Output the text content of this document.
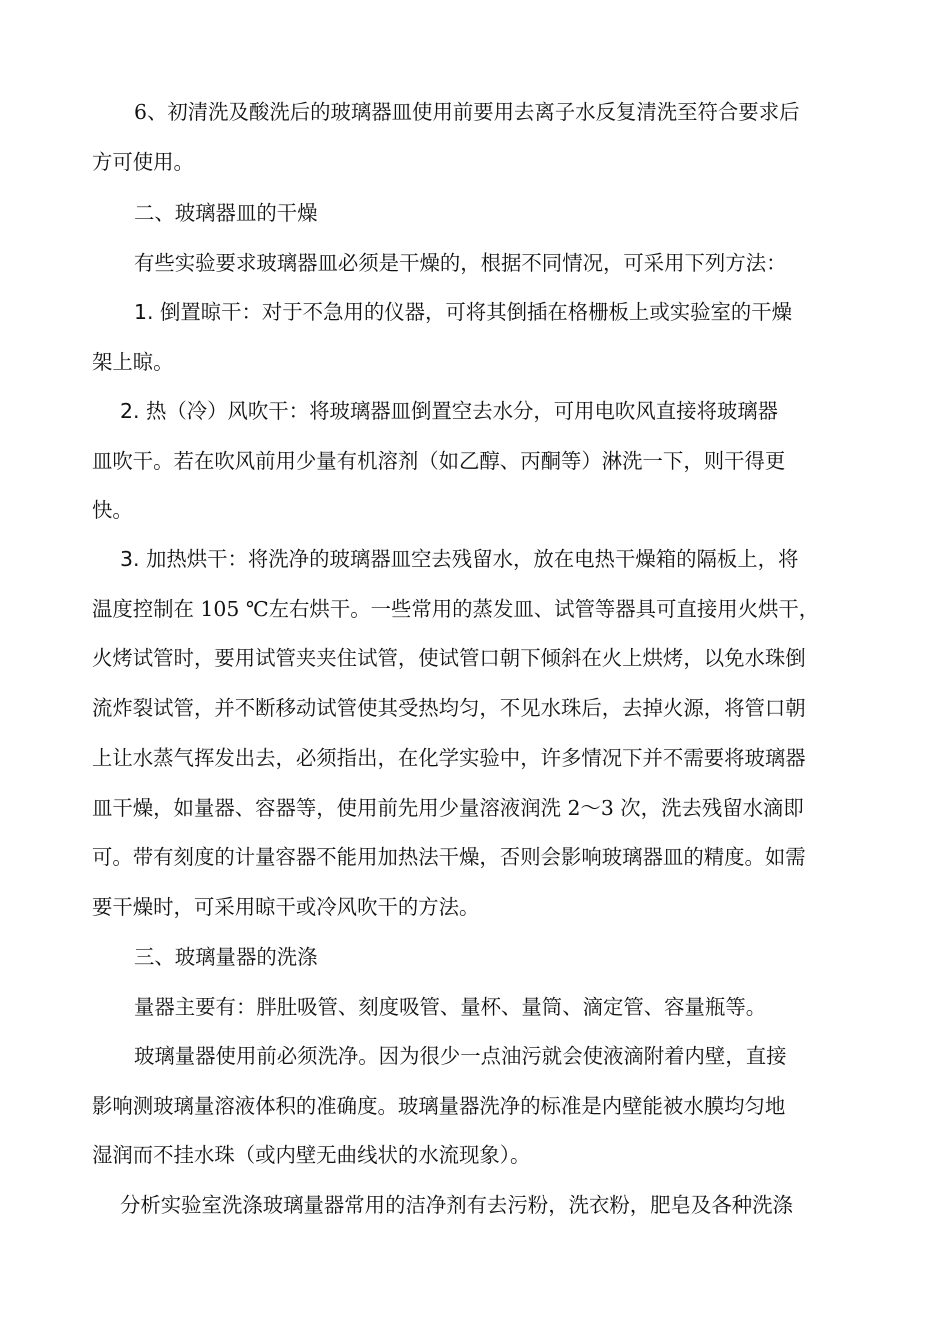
6、初清洗及酸洗后的玻璃器皿使用前要用去离子水反复清洗至符合要求后
方可使用。
二、玻璃器皿的干燥
有些实验要求玻璃器皿必须是干燥的，根据不同情况，可采用下列方法：
1. 倒置晾干：对于不急用的仪器，可将其倒插在格栅板上或实验室的干燥
架上晾。
2. 热（冷）风吹干：将玻璃器皿倒置空去水分，可用电吹风直接将玻璃器
皿吹干。若在吹风前用少量有机溶剂（如乙醇、丙酮等）淋洗一下，则干得更
快。
3. 加热烘干：将洗净的玻璃器皿空去残留水，放在电热干燥箱的隔板上，将
温度控制在 105 ℃左右烘干。一些常用的蒸发皿、试管等器具可直接用火烘干，
火烤试管时，要用试管夹夹住试管，使试管口朝下倾斜在火上烘烤，以免水珠倒
流炸裂试管，并不断移动试管使其受热均匀，不见水珠后，去掉火源，将管口朝
上让水蒸气挥发出去，必须指出，在化学实验中，许多情况下并不需要将玻璃器
皿干燥，如量器、容器等，使用前先用少量溶液润洗 2～3 次，洗去残留水滴即
可。带有刻度的计量容器不能用加热法干燥，否则会影响玻璃器皿的精度。如需
要干燥时，可采用晾干或冷风吹干的方法。
三、玻璃量器的洗涤
量器主要有：胖肚吸管、刻度吸管、量杯、量筒、滴定管、容量瓶等。
玻璃量器使用前必须洗净。因为很少一点油污就会使液滴附着内壁，直接
影响测玻璃量溶液体积的准确度。玻璃量器洗净的标准是内壁能被水膜均匀地
湿润而不挂水珠（或内壁无曲线状的水流现象）。
分析实验室洗涤玻璃量器常用的洁净剂有去污粉，洗衣粉，肥皂及各种洗涤
